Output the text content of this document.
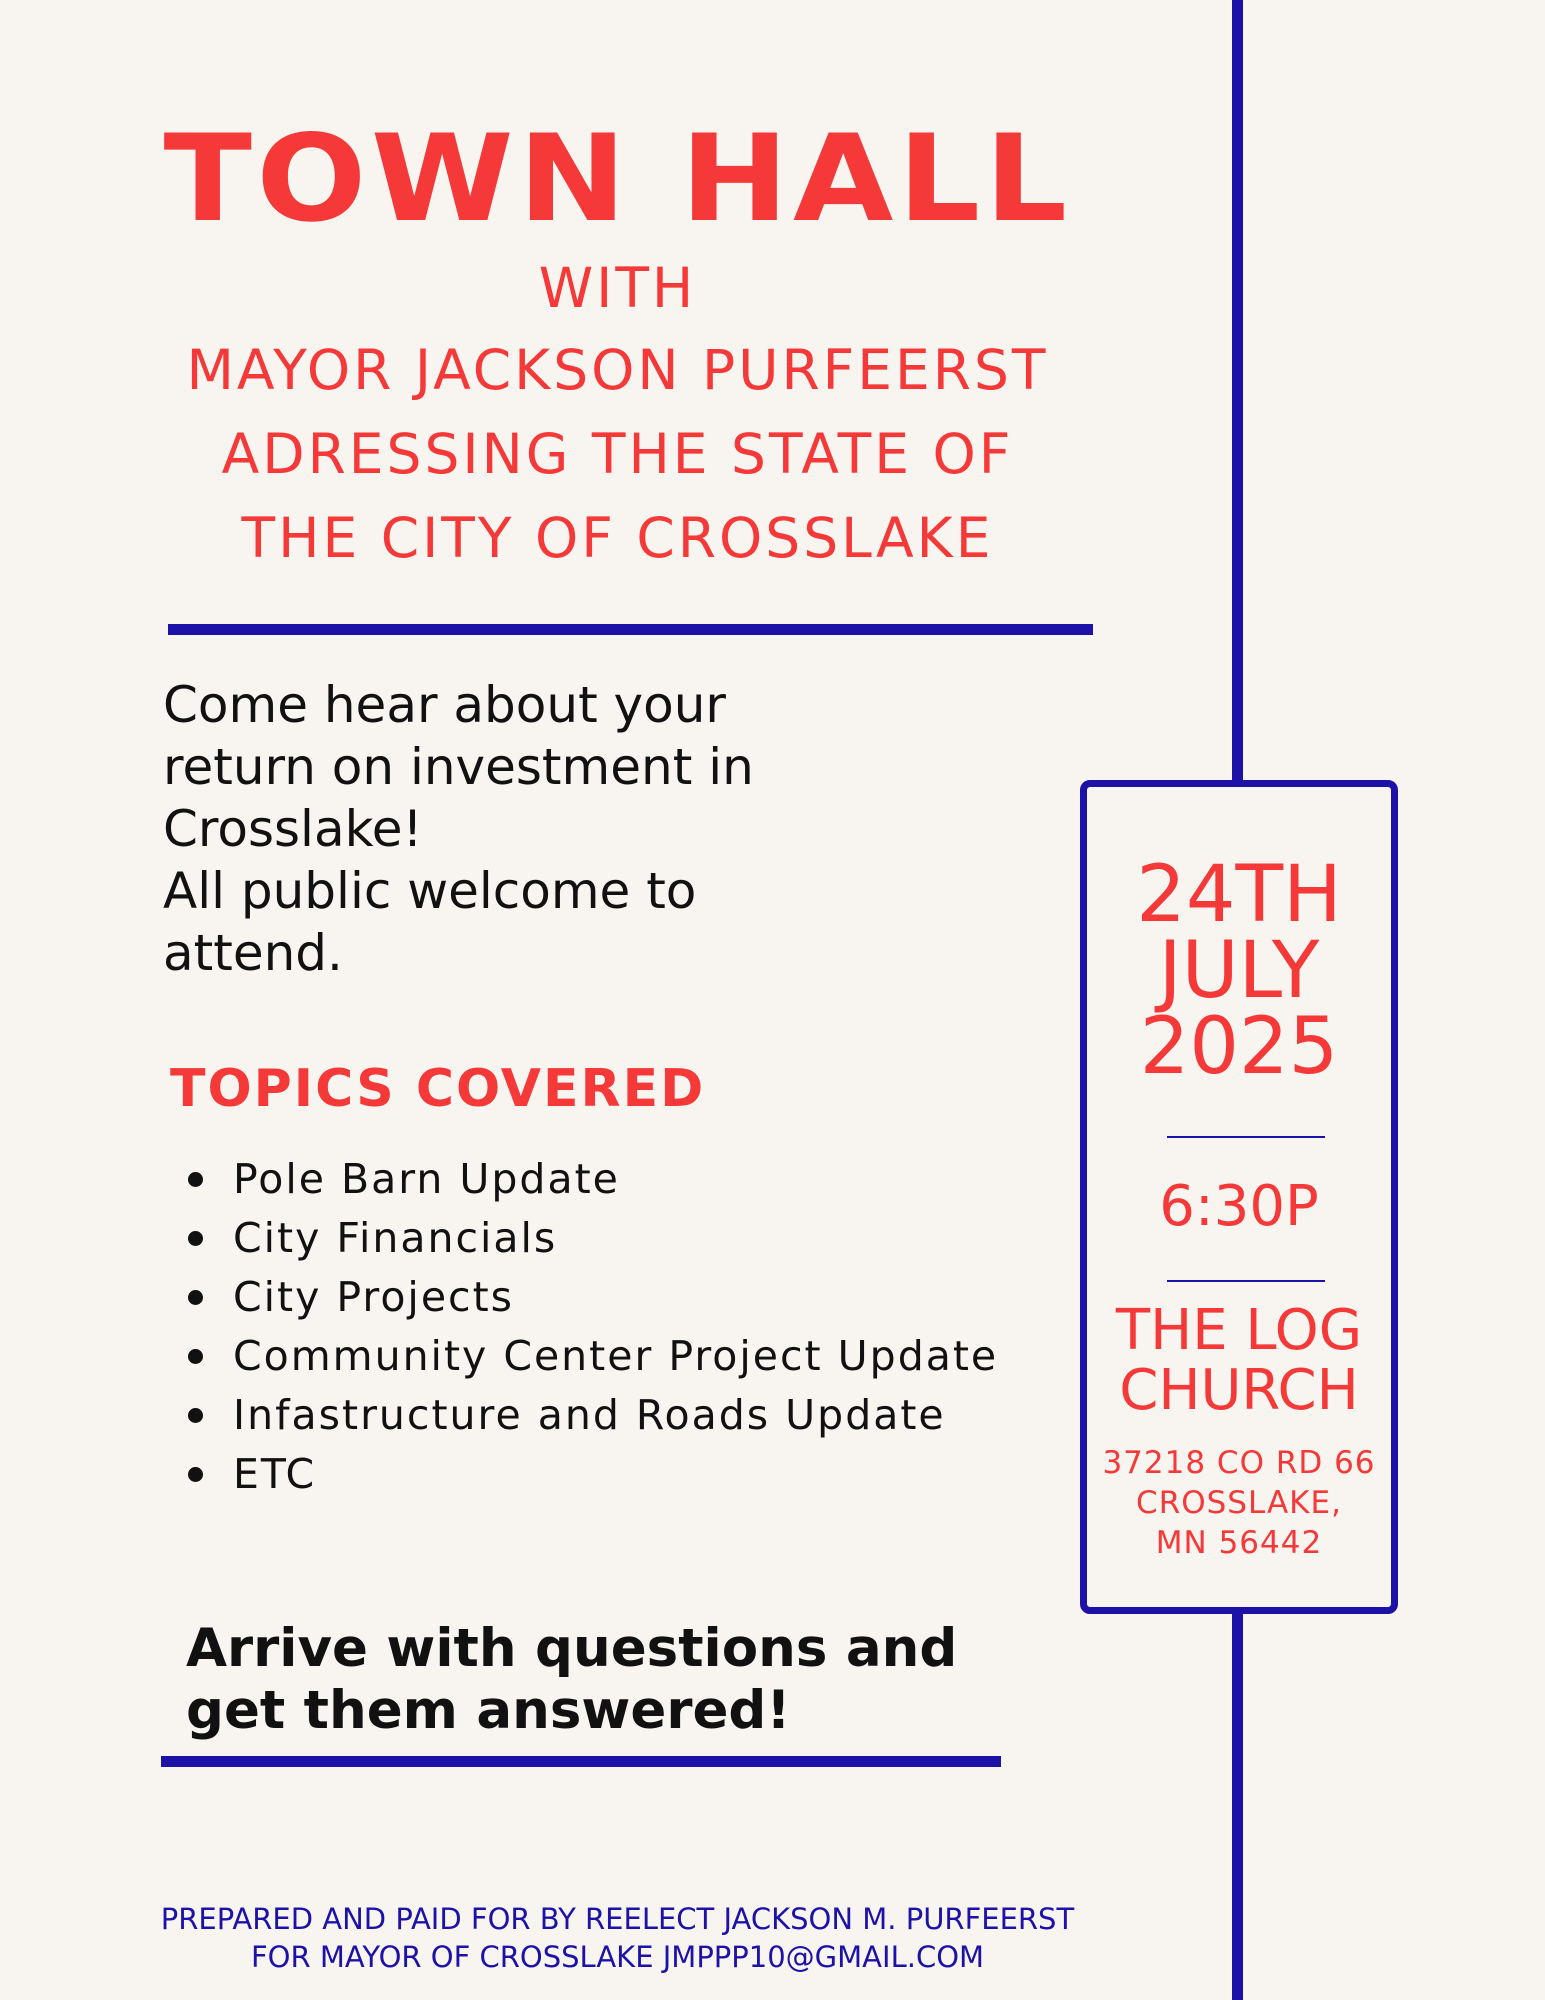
TOWN HALL
WITH
MAYOR JACKSON PURFEERST
ADRESSING THE STATE OF
THE CITY OF CROSSLAKE
Come hear about your
return on investment in
Crosslake!
All public welcome to
attend.
TOPICS COVERED
Pole Barn Update
City Financials
City Projects
Community Center Project Update
Infastructure and Roads Update
ETC
Arrive with questions and
get them answered!
24TH
JULY
2025
6:30P
THE LOG
CHURCH
37218 CO RD 66
CROSSLAKE,
MN 56442
PREPARED AND PAID FOR BY REELECT JACKSON M. PURFEERST
FOR MAYOR OF CROSSLAKE JMPPP10@GMAIL.COM
